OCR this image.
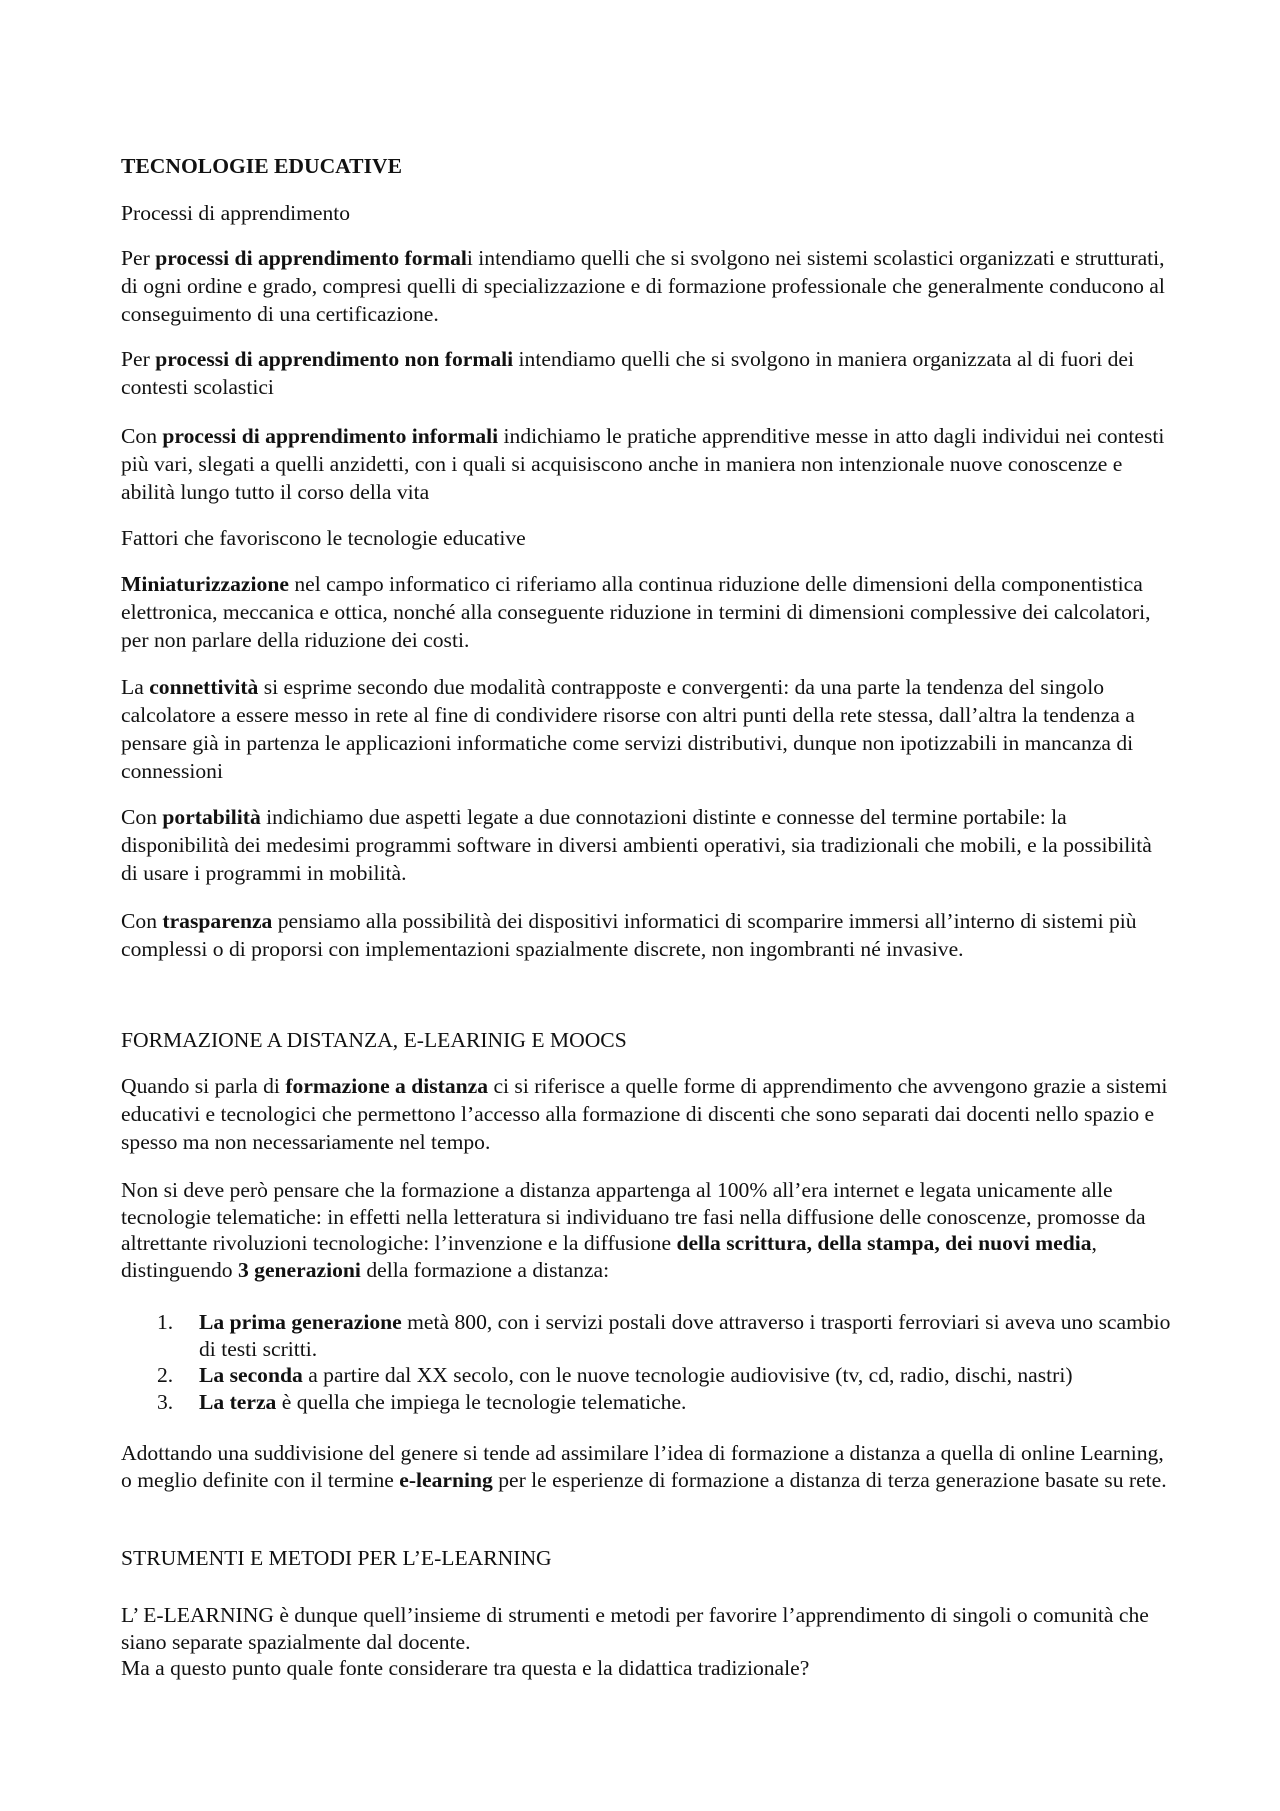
TECNOLOGIE EDUCATIVE
Processi di apprendimento

Per processi di apprendimento formali intendiamo quelli che si svolgono nei sistemi scolastici organizzati e strutturati, di ogni ordine e grado, compresi quelli di specializzazione e di formazione professionale che generalmente conducono al conseguimento di una certificazione.

Per processi di apprendimento non formali intendiamo quelli che si svolgono in maniera organizzata al di fuori dei contesti scolastici

Con processi di apprendimento informali indichiamo le pratiche apprenditive messe in atto dagli individui nei contesti più vari, slegati a quelli anzidetti, con i quali si acquisiscono anche in maniera non intenzionale nuove conoscenze e abilità lungo tutto il corso della vita

Fattori che favoriscono le tecnologie educative

Miniaturizzazione nel campo informatico ci riferiamo alla continua riduzione delle dimensioni della componentistica elettronica, meccanica e ottica, nonché alla conseguente riduzione in termini di dimensioni complessive dei calcolatori, per non parlare della riduzione dei costi.

La connettività si esprime secondo due modalità contrapposte e convergenti: da una parte la tendenza del singolo calcolatore a essere messo in rete al fine di condividere risorse con altri punti della rete stessa, dall’altra la tendenza a pensare già in partenza le applicazioni informatiche come servizi distributivi, dunque non ipotizzabili in mancanza di connessioni

Con portabilità indichiamo due aspetti legate a due connotazioni distinte e connesse del termine portabile: la disponibilità dei medesimi programmi software in diversi ambienti operativi, sia tradizionali che mobili, e la possibilità di usare i programmi in mobilità.

Con trasparenza pensiamo alla possibilità dei dispositivi informatici di scomparire immersi all’interno di sistemi più complessi o di proporsi con implementazioni spazialmente discrete, non ingombranti né invasive.

FORMAZIONE A DISTANZA, E-LEARINIG E MOOCS

Quando si parla di formazione a distanza ci si riferisce a quelle forme di apprendimento che avvengono grazie a sistemi educativi e tecnologici che permettono l’accesso alla formazione di discenti che sono separati dai docenti nello spazio e spesso ma non necessariamente nel tempo.

Non si deve però pensare che la formazione a distanza appartenga al 100% all’era internet e legata unicamente alle tecnologie telematiche: in effetti nella letteratura si individuano tre fasi nella diffusione delle conoscenze, promosse da altrettante rivoluzioni tecnologiche: l’invenzione e la diffusione della scrittura, della stampa, dei nuovi media, distinguendo 3 generazioni della formazione a distanza:

1. La prima generazione metà 800, con i servizi postali dove attraverso i trasporti ferroviari si aveva uno scambio di testi scritti.
2. La seconda a partire dal XX secolo, con le nuove tecnologie audiovisive (tv, cd, radio, dischi, nastri)
3. La terza è quella che impiega le tecnologie telematiche.

Adottando una suddivisione del genere si tende ad assimilare l’idea di formazione a distanza a quella di online Learning, o meglio definite con il termine e-learning per le esperienze di formazione a distanza di terza generazione basate su rete.

STRUMENTI E METODI PER L’E-LEARNING

L’ E-LEARNING è dunque quell’insieme di strumenti e metodi per favorire l’apprendimento di singoli o comunità che siano separate spazialmente dal docente.
Ma a questo punto quale fonte considerare tra questa e la didattica tradizionale?
